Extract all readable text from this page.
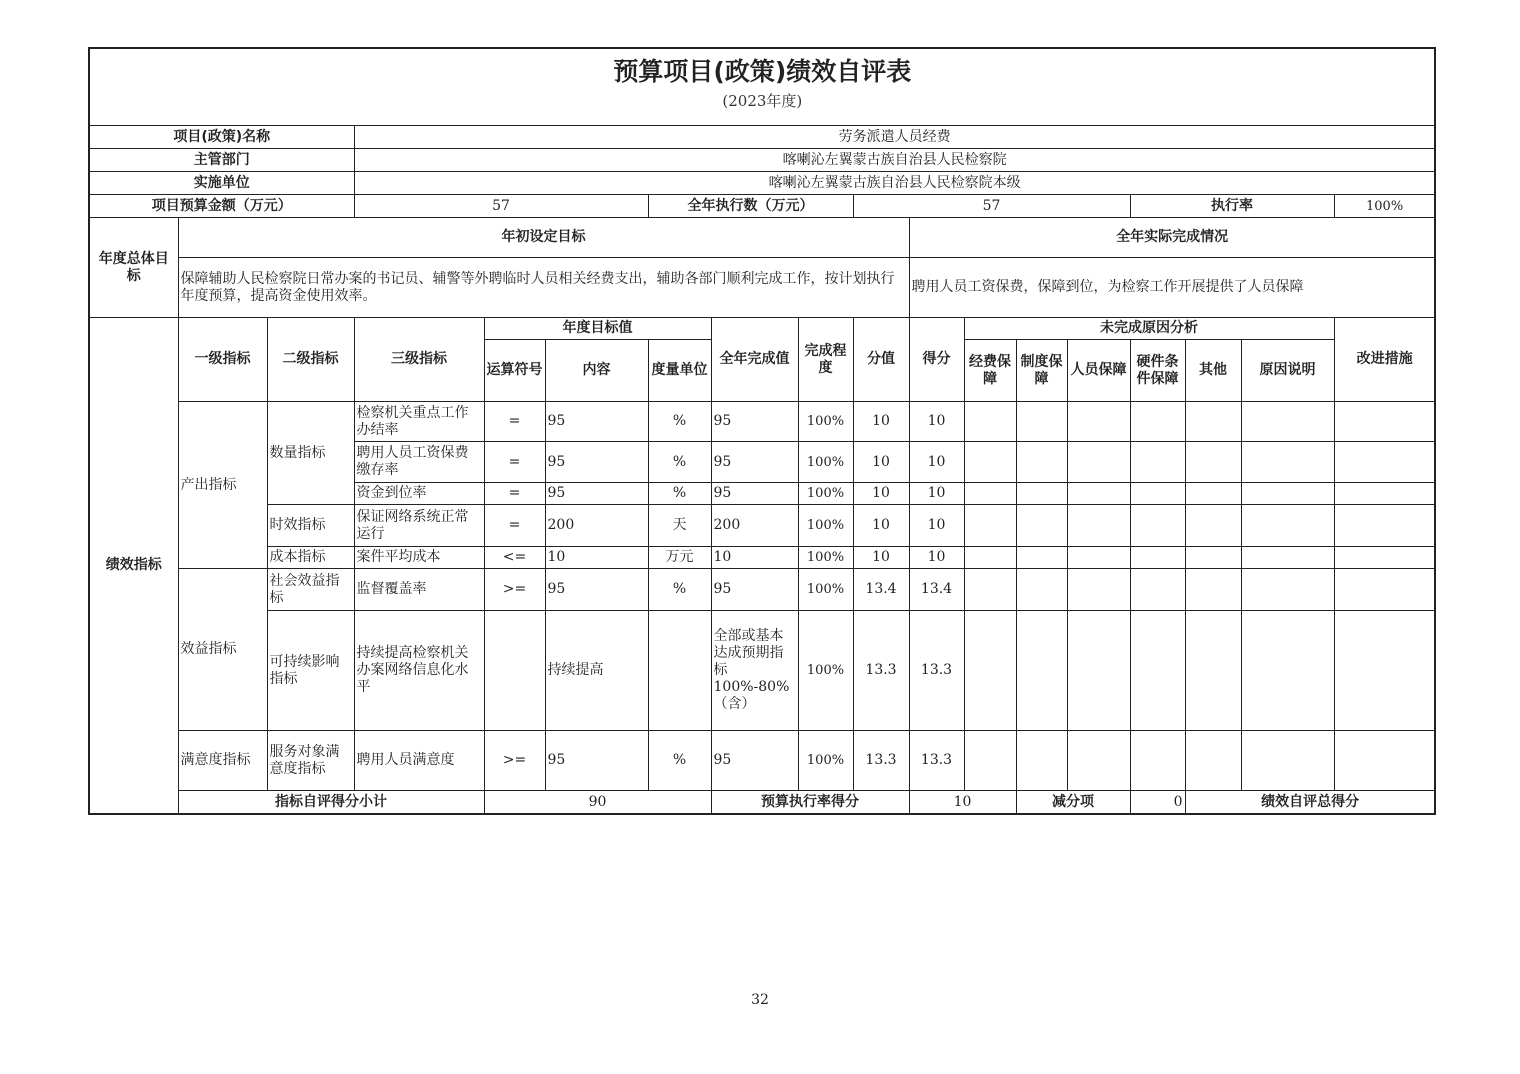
预算项目(政策)绩效自评表
(2023年度)																		

项目(政策)名称			劳务派遣人员经费															
主管部门			喀喇沁左翼蒙古族自治县人民检察院															
实施单位			喀喇沁左翼蒙古族自治县人民检察院本级															
项目预算金额（万元）			57			全年执行数（万元）			57					执行率			100%	
年度总体目标	年初设定目标									全年实际完成情况								
	保障辅助人民检察院日常办案的书记员、辅警等外聘临时人员相关经费支出，辅助各部门顺利完成工作，按计划执行年度预算，提高资金使用效率。									聘用人员工资保费，保障到位，为检察工作开展提供了人员保障								
绩效指标	一级指标	二级指标	三级指标	年度目标值			全年完成值	完成程度	分值	得分	未完成原因分析						改进措施	
				运算符号	内容	度量单位					经费保障	制度保障	人员保障	硬件条件保障	其他	原因说明		
	产出指标	数量指标	检察机关重点工作办结率	=	95	%	95	100%	10	10								
			聘用人员工资保费缴存率	=	95	%	95	100%	10	10								
			资金到位率	=	95	%	95	100%	10	10								
		时效指标	保证网络系统正常运行	=	200	天	200	100%	10	10								
		成本指标	案件平均成本	<=	10	万元	10	100%	10	10								
	效益指标	社会效益指标	监督覆盖率	>=	95	%	95	100%	13.4	13.4								
		可持续影响指标	持续提高检察机关办案网络信息化水平		持续提高		全部或基本达成预期指标100%-80%（含）	100%	13.3	13.3								
	满意度指标	服务对象满意度指标	聘用人员满意度	>=	95	%	95	100%	13.3	13.3								
	指标自评得分小计			90			预算执行率得分			10		减分项		0	绩效自评总得分	
32
